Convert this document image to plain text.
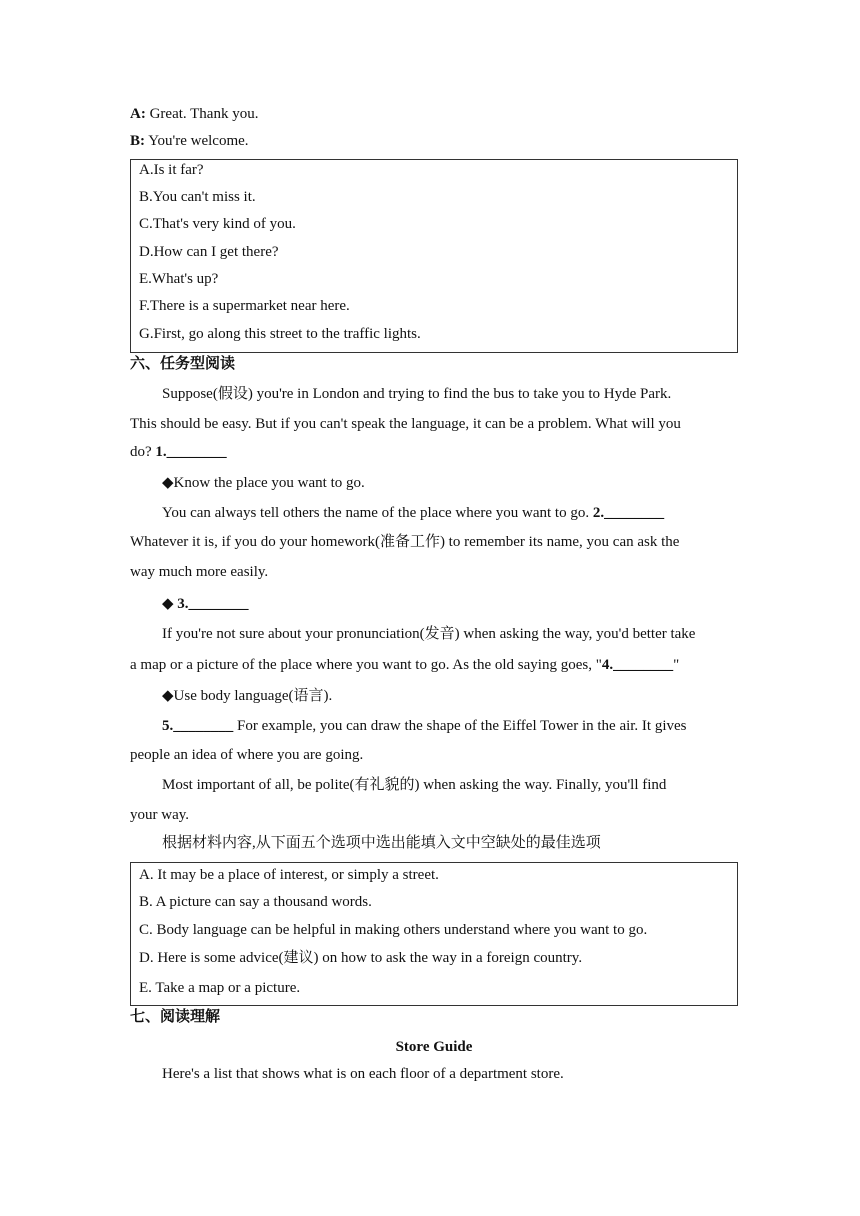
A: Great. Thank you.
B: You're welcome.
A.Is it far?
B.You can't miss it.
C.That's very kind of you.
D.How can I get there?
E.What's up?
F.There is a supermarket near here.
G.First, go along this street to the traffic lights.
六、任务型阅读
Suppose(假设) you're in London and trying to find the bus to take you to Hyde Park.
This should be easy. But if you can't speak the language, it can be a problem. What will you
do? 1.________
◆Know the place you want to go.
You can always tell others the name of the place where you want to go. 2.________
Whatever it is, if you do your homework(准备工作) to remember its name, you can ask the
way much more easily.
◆ 3.________
If you're not sure about your pronunciation(发音) when asking the way, you'd better take
a map or a picture of the place where you want to go. As the old saying goes, "4.________"
◆Use body language(语言).
5.________ For example, you can draw the shape of the Eiffel Tower in the air. It gives
people an idea of where you are going.
Most important of all, be polite(有礼貌的) when asking the way. Finally, you'll find
your way.
根据材料内容,从下面五个选项中选出能填入文中空缺处的最佳选项
A. It may be a place of interest, or simply a street.
B. A picture can say a thousand words.
C. Body language can be helpful in making others understand where you want to go.
D. Here is some advice(建议) on how to ask the way in a foreign country.
E. Take a map or a picture.
七、阅读理解
Store Guide
Here's a list that shows what is on each floor of a department store.
